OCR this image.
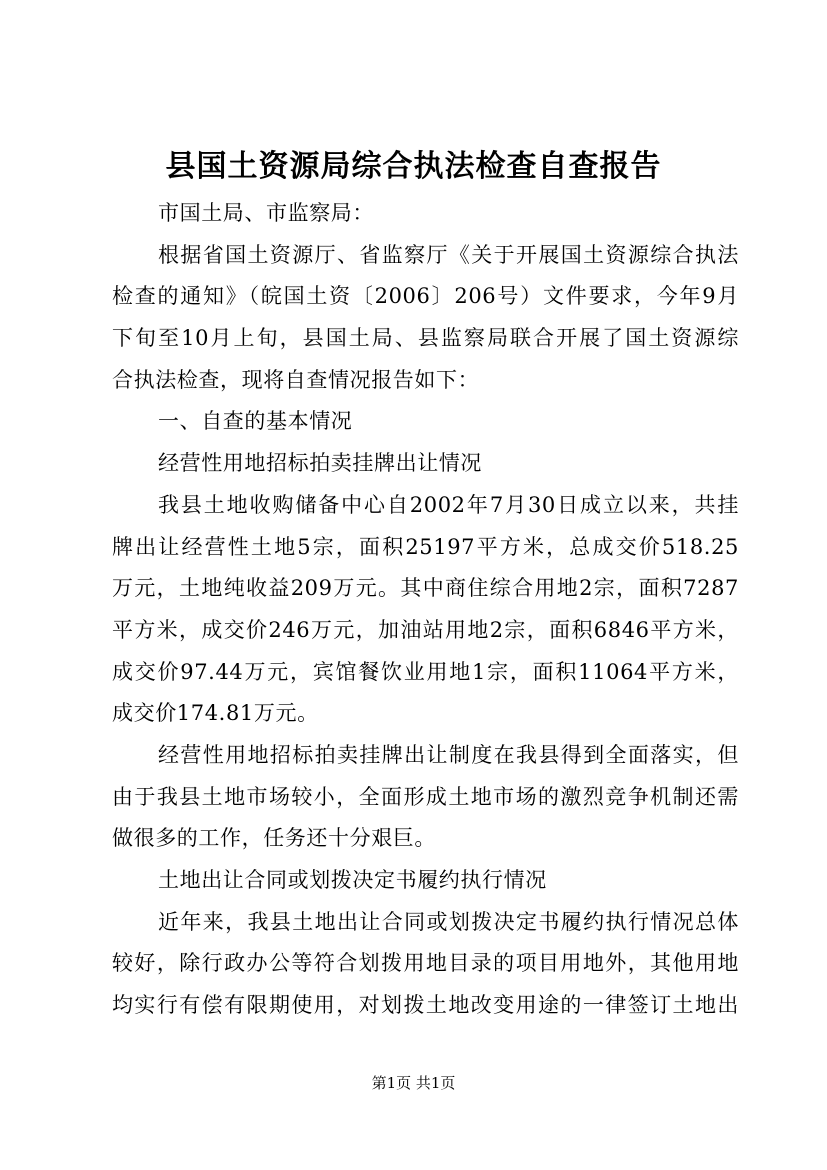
县国土资源局综合执法检查自查报告
市国土局、市监察局：
根据省国土资源厅、省监察厅《关于开展国土资源综合执法
检查的通知》（皖国土资〔2006〕206号）文件要求，今年9月
下旬至10月上旬，县国土局、县监察局联合开展了国土资源综
合执法检查，现将自查情况报告如下：
一、自查的基本情况
经营性用地招标拍卖挂牌出让情况
我县土地收购储备中心自2002年7月30日成立以来，共挂
牌出让经营性土地5宗，面积25197平方米，总成交价518.25
万元，土地纯收益209万元。其中商住综合用地2宗，面积7287
平方米，成交价246万元，加油站用地2宗，面积6846平方米，
成交价97.44万元，宾馆餐饮业用地1宗，面积11064平方米，
成交价174.81万元。
经营性用地招标拍卖挂牌出让制度在我县得到全面落实，但
由于我县土地市场较小，全面形成土地市场的激烈竞争机制还需
做很多的工作，任务还十分艰巨。
土地出让合同或划拨决定书履约执行情况
近年来，我县土地出让合同或划拨决定书履约执行情况总体
较好，除行政办公等符合划拨用地目录的项目用地外，其他用地
均实行有偿有限期使用，对划拨土地改变用途的一律签订土地出
第1页 共1页
